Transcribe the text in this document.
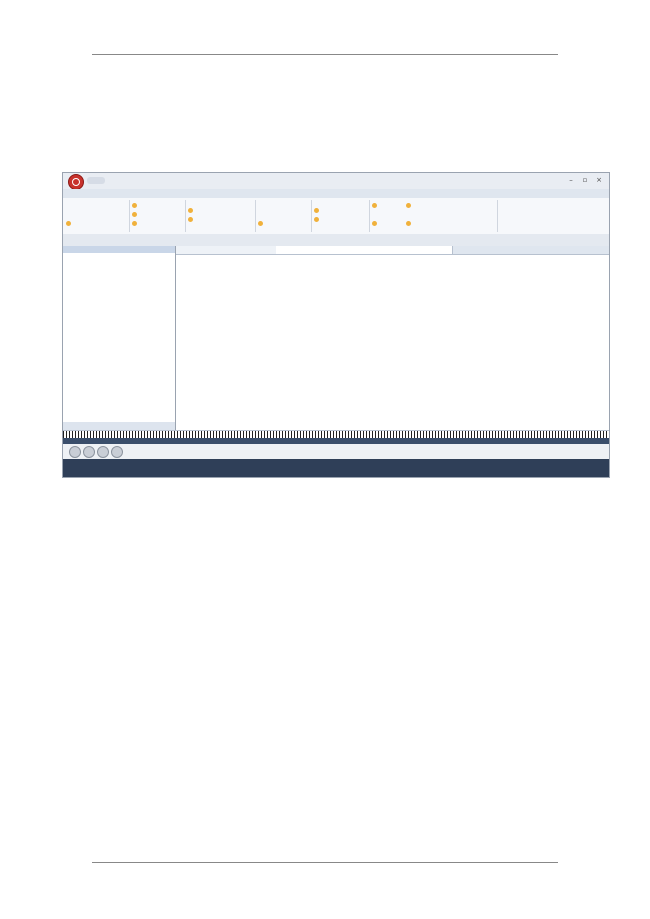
–	▫	×
